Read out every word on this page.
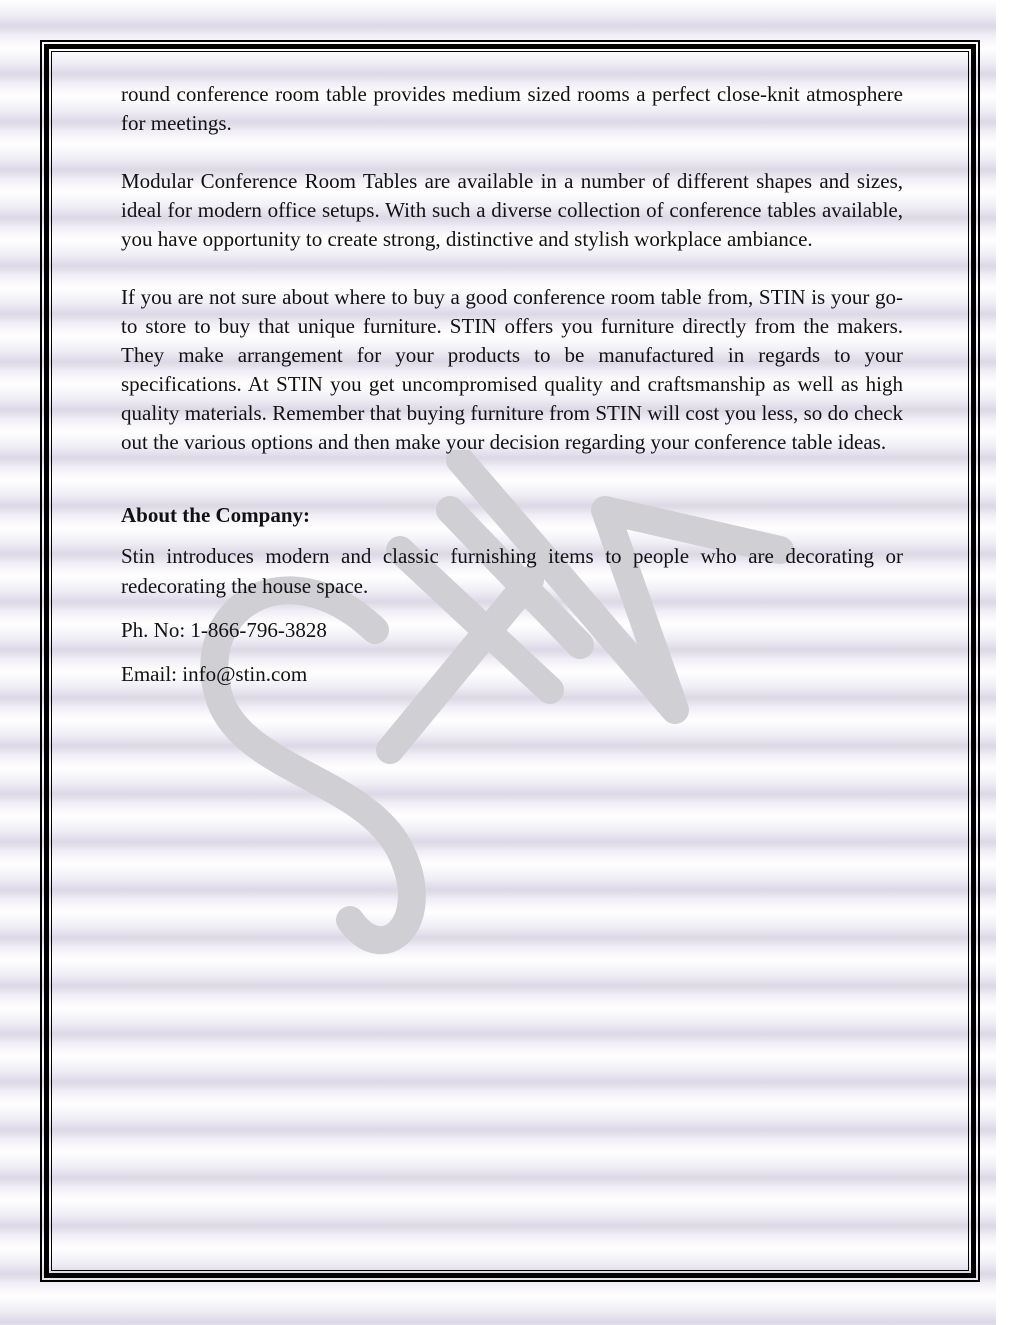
round conference room table provides medium sized rooms a perfect close-knit atmosphere for meetings.

Modular Conference Room Tables are available in a number of different shapes and sizes, ideal for modern office setups. With such a diverse collection of conference tables available, you have opportunity to create strong, distinctive and stylish workplace ambiance.

If you are not sure about where to buy a good conference room table from, STIN is your go-to store to buy that unique furniture. STIN offers you furniture directly from the makers. They make arrangement for your products to be manufactured in regards to your specifications. At STIN you get uncompromised quality and craftsmanship as well as high quality materials. Remember that buying furniture from STIN will cost you less, so do check out the various options and then make your decision regarding your conference table ideas.

About the Company:

Stin introduces modern and classic furnishing items to people who are decorating or redecorating the house space.

Ph. No: 1-866-796-3828

Email: info@stin.com
